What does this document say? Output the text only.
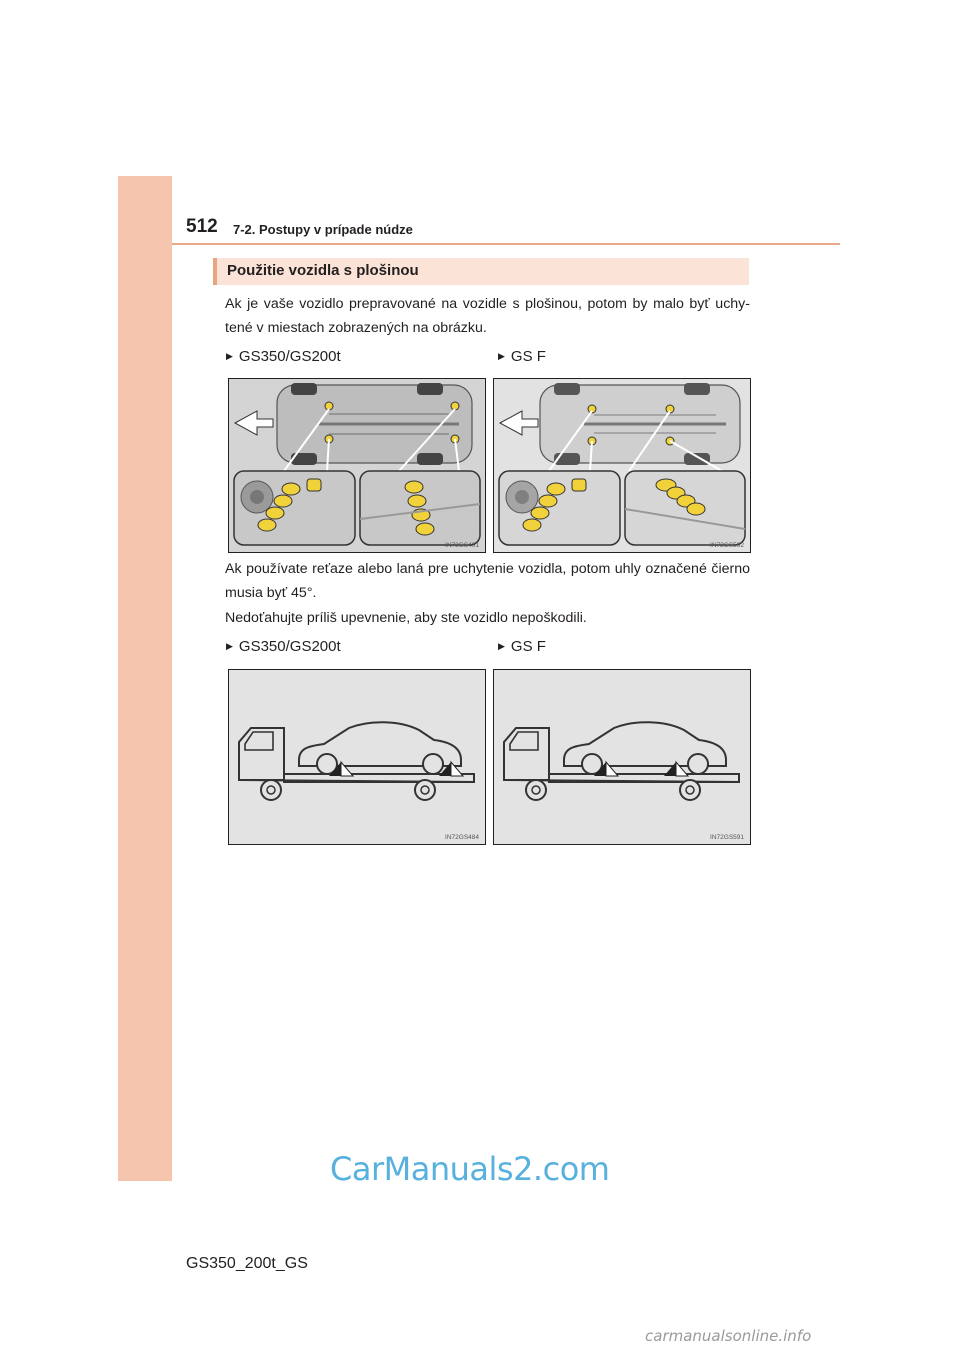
512 7-2. Postupy v prípade núdze
Použitie vozidla s plošinou
Ak je vaše vozidlo prepravované na vozidle s plošinou, potom by malo byť uchy-tené v miestach zobrazených na obrázku.
▶ GS350/GS200t	▶ GS F
IN72GS401	IN72GS592
Ak používate reťaze alebo laná pre uchytenie vozidla, potom uhly označené čierno musia byť 45°.
Nedoťahujte príliš upevnenie, aby ste vozidlo nepoškodili.
▶ GS350/GS200t	▶ GS F
IN72GS484	IN72GS591
CarManuals2.com
GS350_200t_GS
carmanualsonline.info
